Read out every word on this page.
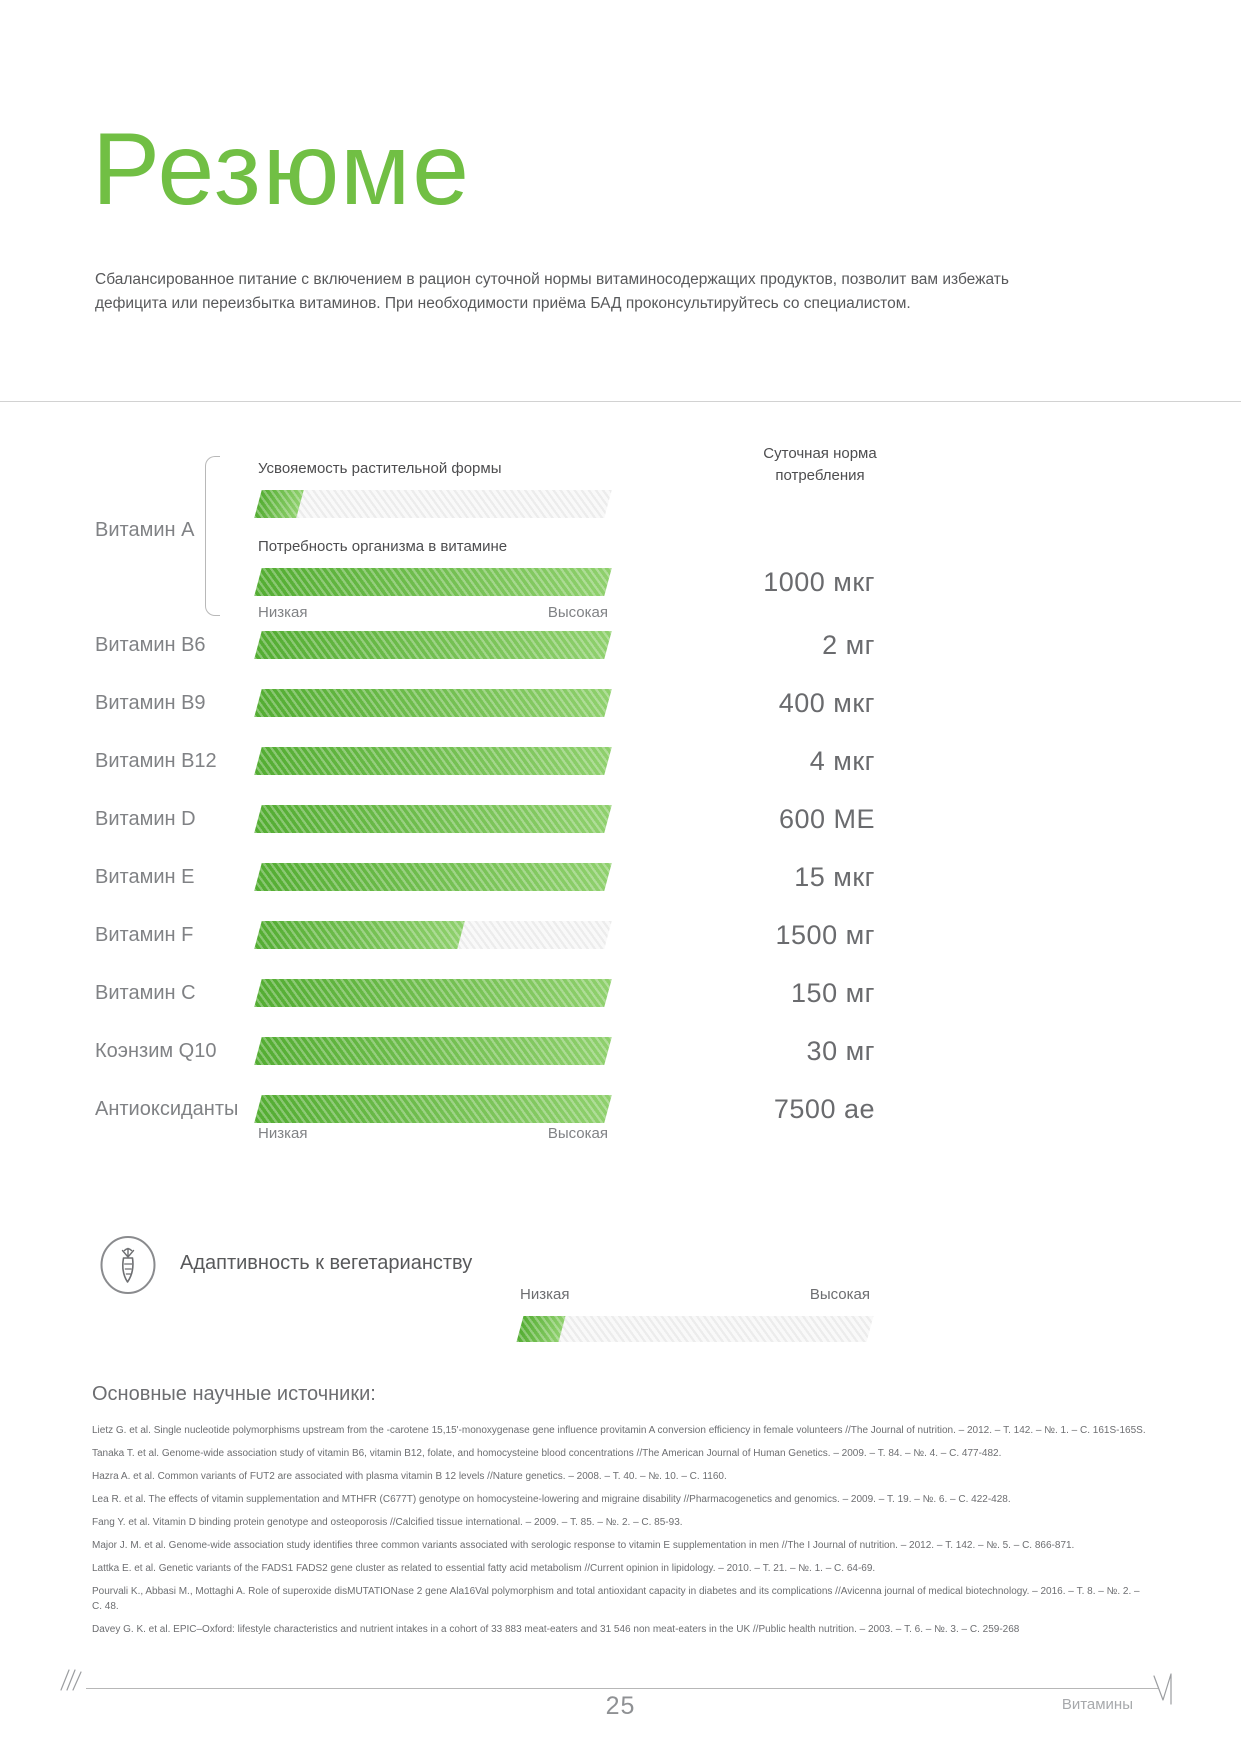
Резюме
Сбалансированное питание с включением в рацион суточной нормы витаминосодержащих продуктов, позволит вам избежать дефицита или переизбытка витаминов. При необходимости приёма БАД проконсультируйтесь со специалистом.
Суточная норма
потребления
Витамин А
Усвояемость растительной формы
Потребность организма в витамине
1000 мкг
Низкая	Высокая
Витамин B6	2 мг
Витамин B9	400 мкг
Витамин B12	4 мкг
Витамин D	600 МЕ
Витамин E	15 мкг
Витамин F	1500 мг
Витамин C	150 мг
Коэнзим Q10	30 мг
Антиоксиданты	7500 ае
Низкая	Высокая
Адаптивность к вегетарианству
Низкая	Высокая
Основные научные источники:
Lietz G. et al. Single nucleotide polymorphisms upstream from the -carotene 15,15'-monoxygenase gene influence provitamin A conversion efficiency in female volunteers //The Journal of nutrition. – 2012. – Т. 142. – №. 1. – С. 161S-165S.
Tanaka T. et al. Genome-wide association study of vitamin B6, vitamin B12, folate, and homocysteine blood concentrations //The American Journal of Human Genetics. – 2009. – Т. 84. – №. 4. – С. 477-482.
Hazra A. et al. Common variants of FUT2 are associated with plasma vitamin B 12 levels //Nature genetics. – 2008. – Т. 40. – №. 10. – С. 1160.
Lea R. et al. The effects of vitamin supplementation and MTHFR (C677T) genotype on homocysteine-lowering and migraine disability //Pharmacogenetics and genomics. – 2009. – Т. 19. – №. 6. – С. 422-428.
Fang Y. et al. Vitamin D binding protein genotype and osteoporosis //Calcified tissue international. – 2009. – Т. 85. – №. 2. – С. 85-93.
Major J. M. et al. Genome-wide association study identifies three common variants associated with serologic response to vitamin E supplementation in men //The I Journal of nutrition. – 2012. – Т. 142. – №. 5. – С. 866-871.
Lattka E. et al. Genetic variants of the FADS1 FADS2 gene cluster as related to essential fatty acid metabolism //Current opinion in lipidology. – 2010. – Т. 21. – №. 1. – С. 64-69.
Pourvali K., Abbasi M., Mottaghi A. Role of superoxide disMUTATIONase 2 gene Ala16Val polymorphism and total antioxidant capacity in diabetes and its complications //Avicenna journal of medical biotechnology. – 2016. – Т. 8. – №. 2. – С. 48.
Davey G. K. et al. EPIC–Oxford: lifestyle characteristics and nutrient intakes in a cohort of 33 883 meat-eaters and 31 546 non meat-eaters in the UK //Public health nutrition. – 2003. – Т. 6. – №. 3. – С. 259-268
25	Витамины
